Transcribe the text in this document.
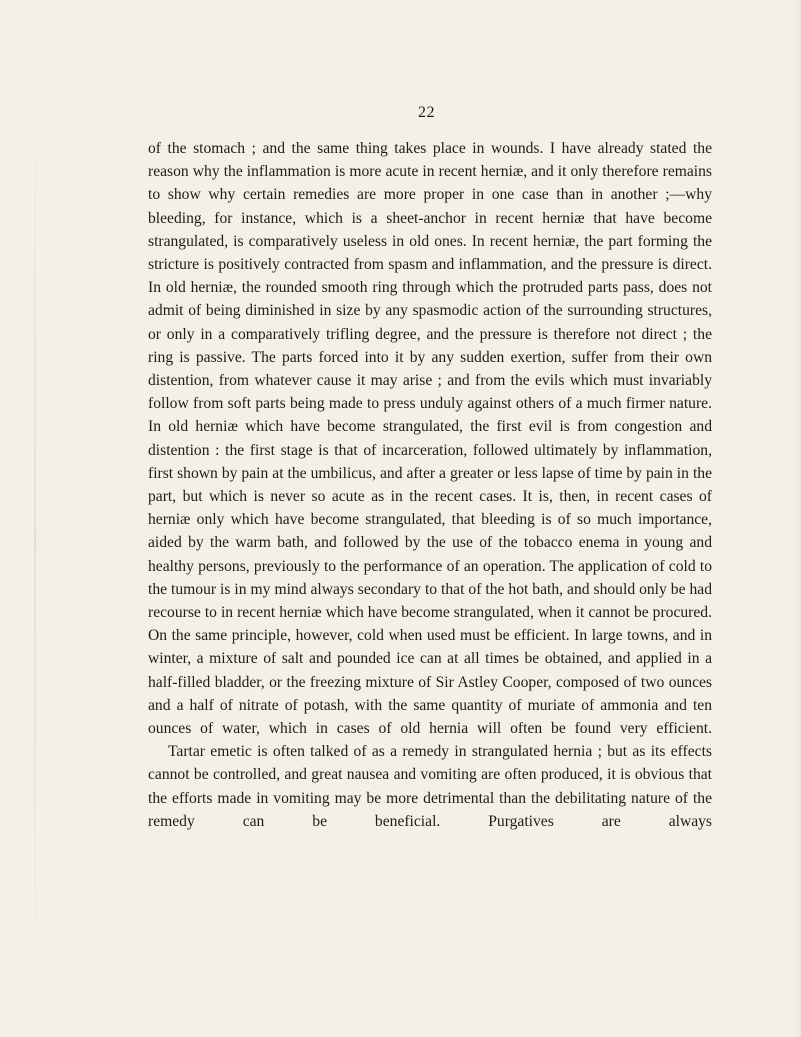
22

of the stomach ; and the same thing takes place in wounds. I have already stated the reason why the inflammation is more acute in recent herniæ, and it only therefore remains to show why certain remedies are more proper in one case than in another ;—why bleeding, for instance, which is a sheet-anchor in recent herniæ that have become strangulated, is comparatively useless in old ones. In recent herniæ, the part forming the stricture is positively contracted from spasm and inflammation, and the pressure is direct. In old herniæ, the rounded smooth ring through which the protruded parts pass, does not admit of being diminished in size by any spasmodic action of the surrounding structures, or only in a comparatively trifling degree, and the pressure is therefore not direct ; the ring is passive. The parts forced into it by any sudden exertion, suffer from their own distention, from whatever cause it may arise ; and from the evils which must invariably follow from soft parts being made to press unduly against others of a much firmer nature. In old herniæ which have become strangulated, the first evil is from congestion and distention : the first stage is that of incarceration, followed ultimately by inflammation, first shown by pain at the umbilicus, and after a greater or less lapse of time by pain in the part, but which is never so acute as in the recent cases. It is, then, in recent cases of herniæ only which have become strangulated, that bleeding is of so much importance, aided by the warm bath, and followed by the use of the tobacco enema in young and healthy persons, previously to the performance of an operation. The application of cold to the tumour is in my mind always secondary to that of the hot bath, and should only be had recourse to in recent herniæ which have become strangulated, when it cannot be procured. On the same principle, however, cold when used must be efficient. In large towns, and in winter, a mixture of salt and pounded ice can at all times be obtained, and applied in a half-filled bladder, or the freezing mixture of Sir Astley Cooper, composed of two ounces and a half of nitrate of potash, with the same quantity of muriate of ammonia and ten ounces of water, which in cases of old hernia will often be found very efficient.

Tartar emetic is often talked of as a remedy in strangulated hernia ; but as its effects cannot be controlled, and great nausea and vomiting are often produced, it is obvious that the efforts made in vomiting may be more detrimental than the debilitating nature of the remedy can be beneficial. Purgatives are always
